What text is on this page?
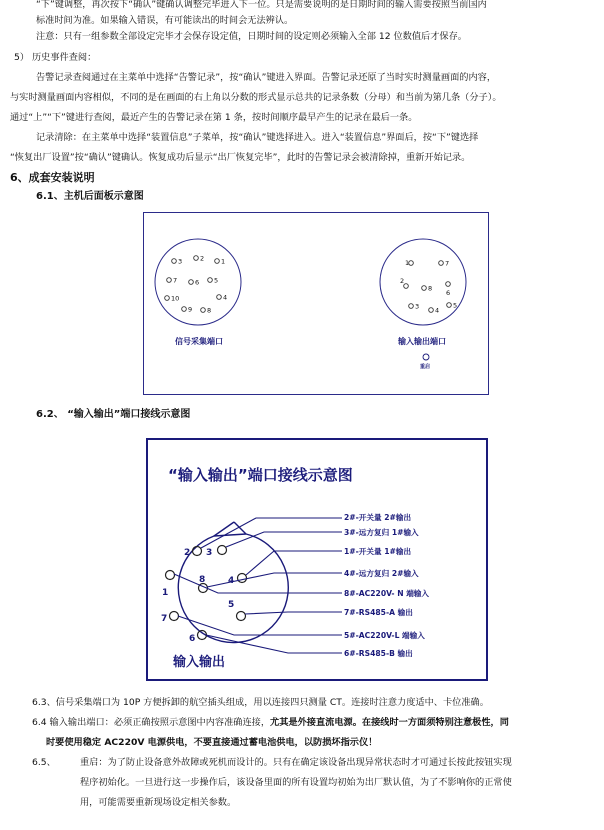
“下”键调整，再次按下“确认”键确认调整完毕进入下一位。只是需要说明的是日期时间的输入需要按照当前国内
标准时间为准。如果输入错误，有可能读出的时间会无法辨认。
注意：只有一组参数全部设定完毕才会保存设定值，日期时间的设定则必须输入全部 12 位数值后才保存。
5） 历史事件查阅：
告警记录查阅通过在主菜单中选择“告警记录”，按“确认”键进入界面。告警记录还原了当时实时测量画面的内容，
与实时测量画面内容相似，不同的是在画面的右上角以分数的形式显示总共的记录条数（分母）和当前为第几条（分子）。
通过“上”“下”键进行查阅，最近产生的告警记录在第 1 条，按时间顺序最早产生的记录在最后一条。
记录清除：在主菜单中选择“装置信息”子菜单，按“确认”键选择进入。进入“装置信息”界面后，按“下”键选择
“恢复出厂设置”按“确认”键确认。恢复成功后显示“出厂恢复完毕”，此时的告警记录会被清除掉，重新开始记录。
6、成套安装说明
6.1、主机后面板示意图
3	2	1
7	6 5
10	4
9 8
信号采集端口
1	7
2
8
6
3 4
5
输入输出端口
重启
6.2、 “输入输出”端口接线示意图
“输入输出”端口接线示意图
2 3
4
8
1
5
7
6
输入输出
2#-开关量 2#输出
3#-远方复归 1#输入
1#-开关量 1#输出
4#-远方复归 2#输入
8#-AC220V- N 端输入
7#-RS485-A 输出
5#-AC220V-L 端输入
6#-RS485-B 输出
6.3、信号采集端口为 10P 方便拆卸的航空插头组成，用以连接四只测量 CT。连接时注意力度适中、卡位准确。
6.4 输入输出端口：必须正确按照示意图中内容准确连接，尤其是外接直流电源。在接线时一方面须特别注意极性，同
时要使用稳定 AC220V 电源供电，不要直接通过蓄电池供电，以防损坏指示仪！
6.5、	重启：为了防止设备意外故障或死机而设计的。只有在确定该设备出现异常状态时才可通过长按此按钮实现
程序初始化。一旦进行这一步操作后，该设备里面的所有设置均初始为出厂默认值，为了不影响你的正常使
用，可能需要重新现场设定相关参数。
